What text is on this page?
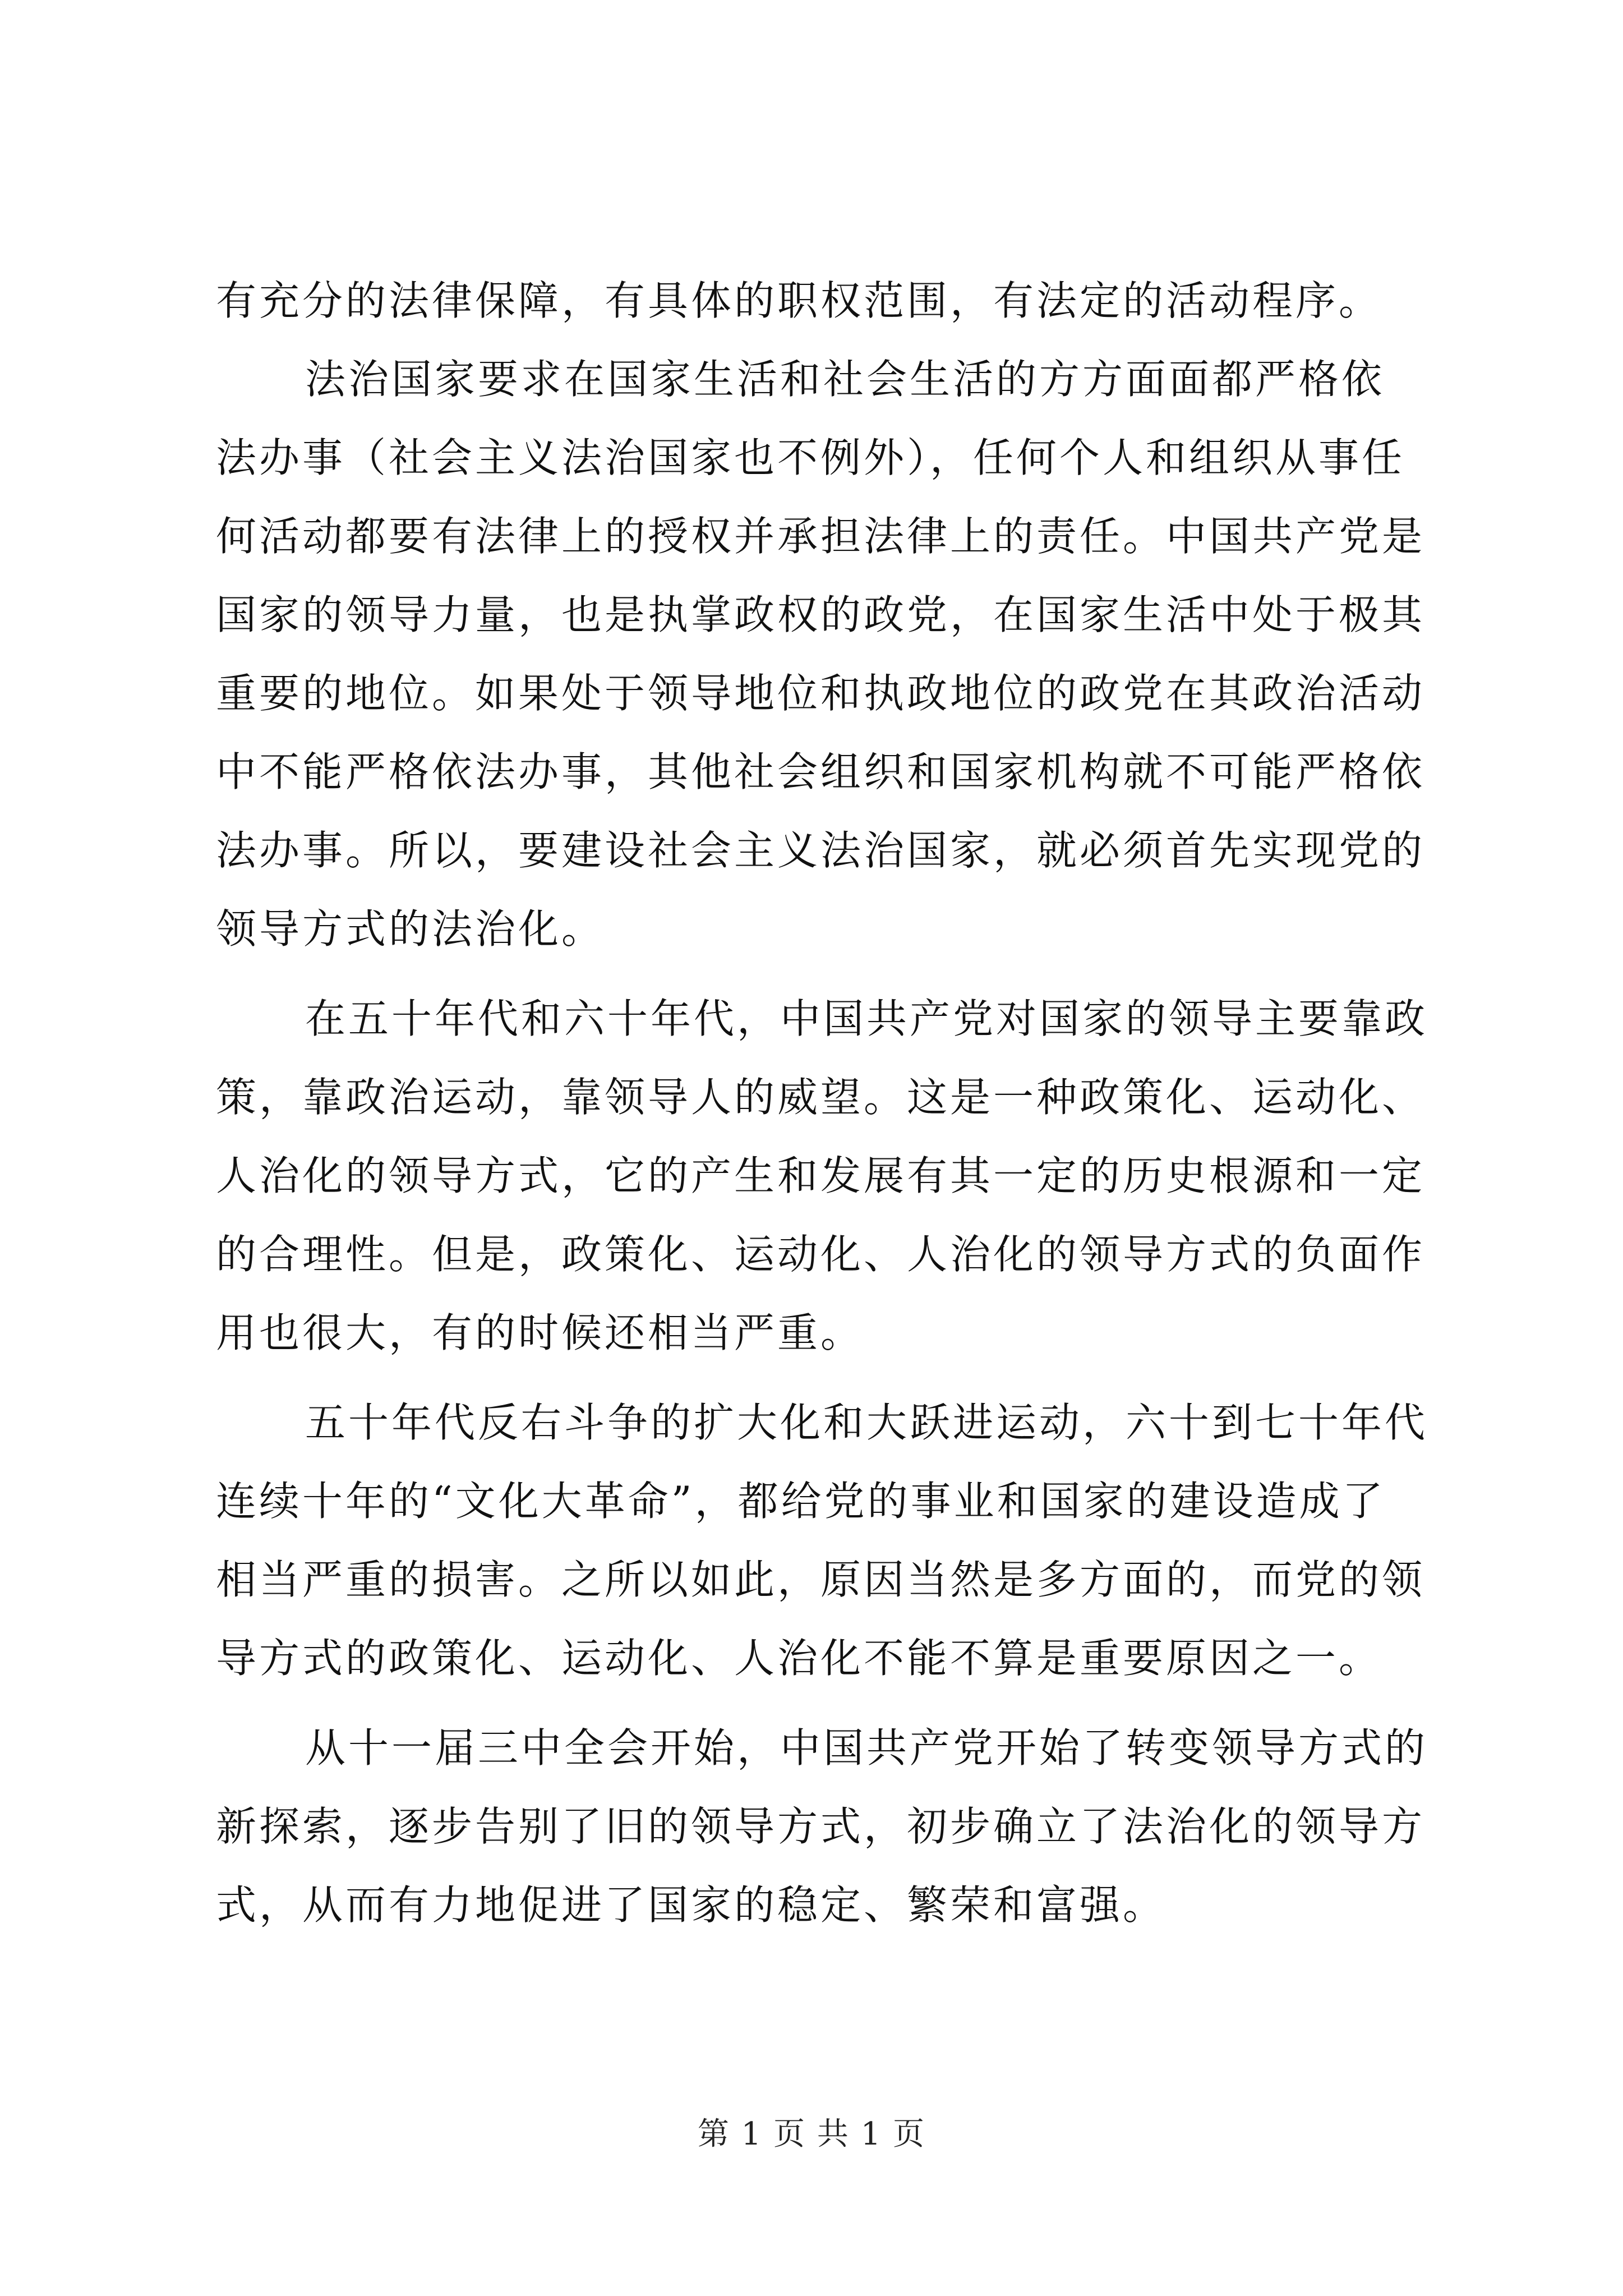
有充分的法律保障，有具体的职权范围，有法定的活动程序。
法治国家要求在国家生活和社会生活的方方面面都严格依
法办事（社会主义法治国家也不例外），任何个人和组织从事任
何活动都要有法律上的授权并承担法律上的责任。中国共产党是
国家的领导力量，也是执掌政权的政党，在国家生活中处于极其
重要的地位。如果处于领导地位和执政地位的政党在其政治活动
中不能严格依法办事，其他社会组织和国家机构就不可能严格依
法办事。所以，要建设社会主义法治国家，就必须首先实现党的
领导方式的法治化。
在五十年代和六十年代，中国共产党对国家的领导主要靠政
策，靠政治运动，靠领导人的威望。这是一种政策化、运动化、
人治化的领导方式，它的产生和发展有其一定的历史根源和一定
的合理性。但是，政策化、运动化、人治化的领导方式的负面作
用也很大，有的时候还相当严重。
五十年代反右斗争的扩大化和大跃进运动，六十到七十年代
连续十年的“文化大革命”，都给党的事业和国家的建设造成了
相当严重的损害。之所以如此，原因当然是多方面的，而党的领
导方式的政策化、运动化、人治化不能不算是重要原因之一。
从十一届三中全会开始，中国共产党开始了转变领导方式的
新探索，逐步告别了旧的领导方式，初步确立了法治化的领导方
式，从而有力地促进了国家的稳定、繁荣和富强。
第 1 页 共 1 页
